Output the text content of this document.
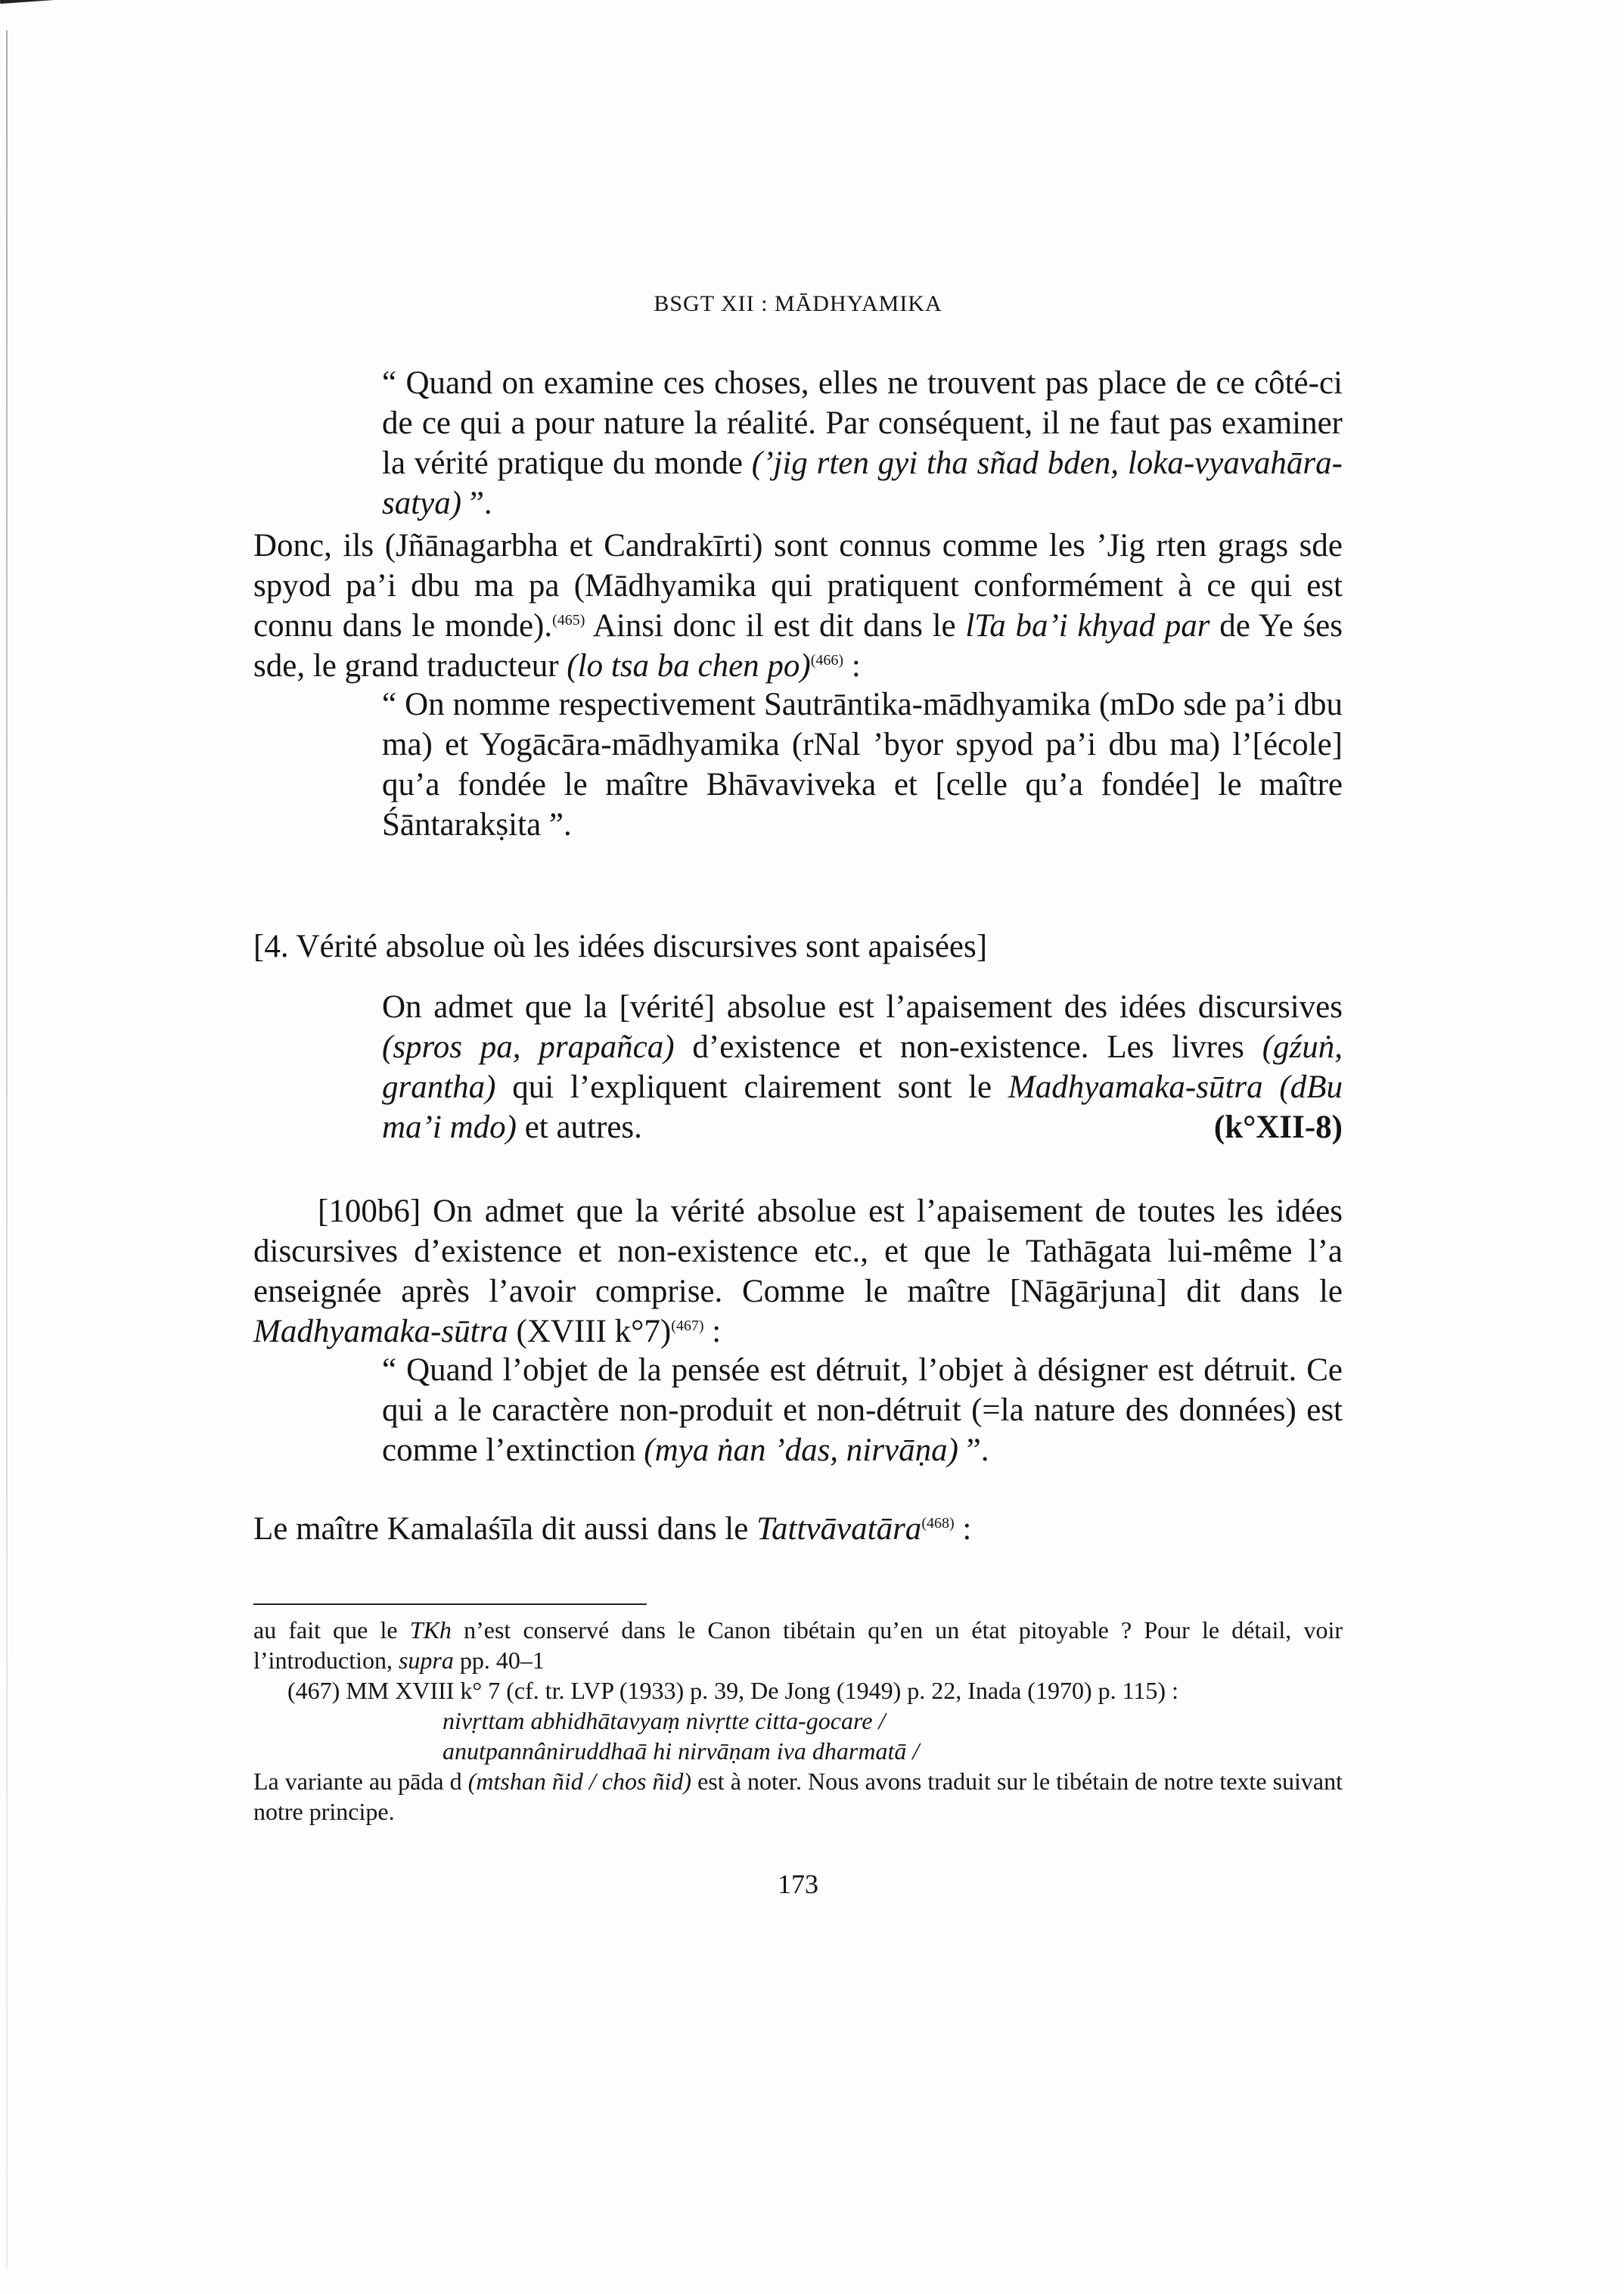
BSGT XII : MĀDHYAMIKA
“ Quand on examine ces choses, elles ne trouvent pas place de ce côté-ci de ce qui a pour nature la réalité. Par conséquent, il ne faut pas examiner la vérité pratique du monde (’jig rten gyi tha sñad bden, loka-vyavahāra-satya) ”.
Donc, ils (Jñānagarbha et Candrakīrti) sont connus comme les ’Jig rten grags sde spyod pa’i dbu ma pa (Mādhyamika qui pratiquent conformément à ce qui est connu dans le monde).$^{(465)}$ Ainsi donc il est dit dans le lTa ba’i khyad par de Ye śes sde, le grand traducteur (lo tsa ba chen po)$^{(466)}$ :
“ On nomme respectivement Sautrāntika-mādhyamika (mDo sde pa’i dbu ma) et Yogācāra-mādhyamika (rNal ’byor spyod pa’i dbu ma) l’[école] qu’a fondée le maître Bhāvaviveka et [celle qu’a fondée] le maître Śāntarakṣita ”.
[4. Vérité absolue où les idées discursives sont apaisées]
On admet que la [vérité] absolue est l’apaisement des idées discursives (spros pa, prapañca) d’existence et non-existence. Les livres (gźuṅ, grantha) qui l’expliquent clairement sont le Madhyamaka-sūtra (dBu ma’i mdo) et autres.	(k°XII-8)
[100b6] On admet que la vérité absolue est l’apaisement de toutes les idées discursives d’existence et non-existence etc., et que le Tathāgata lui-même l’a enseignée après l’avoir comprise. Comme le maître [Nāgārjuna] dit dans le Madhyamaka-sūtra (XVIII k°7)$^{(467)}$ :
“ Quand l’objet de la pensée est détruit, l’objet à désigner est détruit. Ce qui a le caractère non-produit et non-détruit (=la nature des données) est comme l’extinction (mya ṅan ’das, nirvāṇa) ”.
Le maître Kamalaśīla dit aussi dans le Tattvāvatāra$^{(468)}$ :

au fait que le TKh n’est conservé dans le Canon tibétain qu’en un état pitoyable ? Pour le détail, voir l’introduction, supra pp. 40–1

(467) MM XVIII k° 7 (cf. tr. LVP (1933) p. 39, De Jong (1949) p. 22, Inada (1970) p. 115) :

nivṛttam abhidhātavyaṃ nivṛtte citta-gocare /

anutpannâniruddhaā hi nirvāṇam iva dharmatā /

La variante au pāda d (mtshan ñid / chos ñid) est à noter. Nous avons traduit sur le tibétain de notre texte suivant notre principe.

173
